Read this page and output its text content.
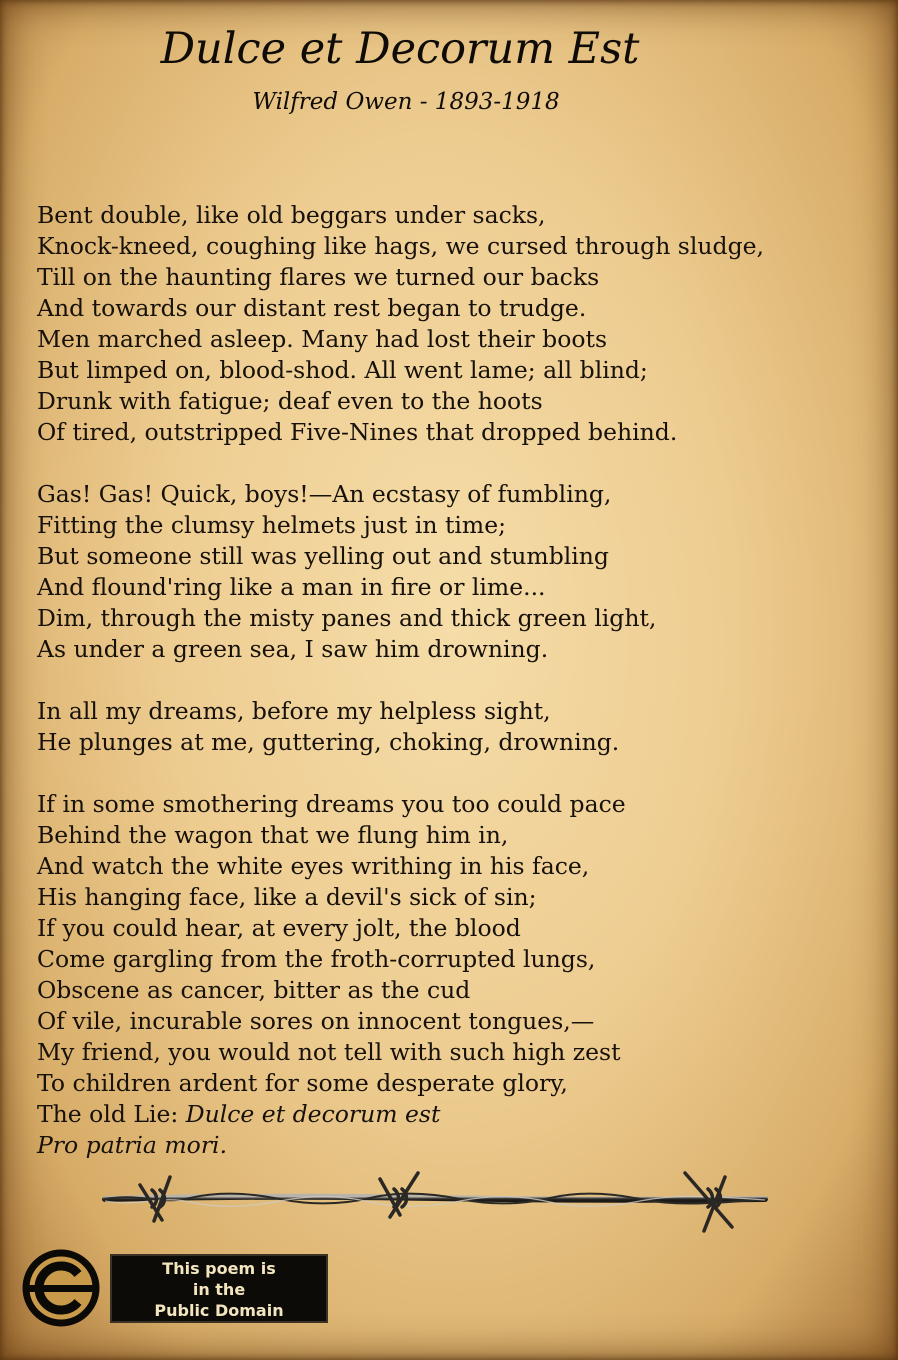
Dulce et Decorum Est
Wilfred Owen - 1893-1918
Bent double, like old beggars under sacks,
Knock-kneed, coughing like hags, we cursed through sludge,
Till on the haunting flares we turned our backs
And towards our distant rest began to trudge.
Men marched asleep. Many had lost their boots
But limped on, blood-shod. All went lame; all blind;
Drunk with fatigue; deaf even to the hoots
Of tired, outstripped Five-Nines that dropped behind.
Gas! Gas! Quick, boys!—An ecstasy of fumbling,
Fitting the clumsy helmets just in time;
But someone still was yelling out and stumbling
And flound'ring like a man in fire or lime...
Dim, through the misty panes and thick green light,
As under a green sea, I saw him drowning.
In all my dreams, before my helpless sight,
He plunges at me, guttering, choking, drowning.
If in some smothering dreams you too could pace
Behind the wagon that we flung him in,
And watch the white eyes writhing in his face,
His hanging face, like a devil's sick of sin;
If you could hear, at every jolt, the blood
Come gargling from the froth-corrupted lungs,
Obscene as cancer, bitter as the cud
Of vile, incurable sores on innocent tongues,—
My friend, you would not tell with such high zest
To children ardent for some desperate glory,
The old Lie: Dulce et decorum est
Pro patria mori.
This poem is
in the
Public Domain
